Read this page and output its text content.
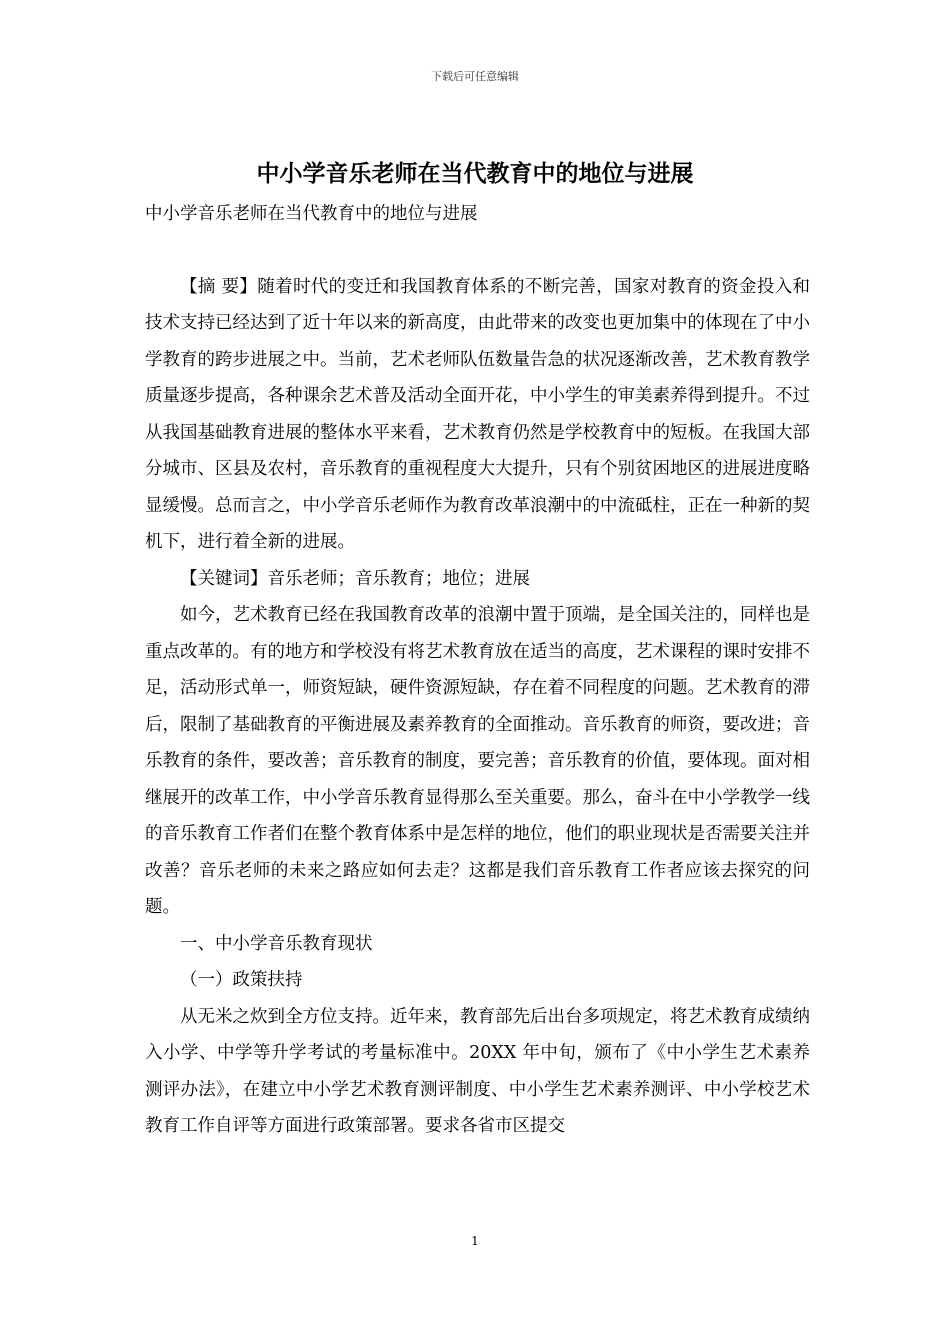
下载后可任意编辑
中小学音乐老师在当代教育中的地位与进展

中小学音乐老师在当代教育中的地位与进展

【摘 要】随着时代的变迁和我国教育体系的不断完善，国家对教育的资金投入和技术支持已经达到了近十年以来的新高度，由此带来的改变也更加集中的体现在了中小学教育的跨步进展之中。当前，艺术老师队伍数量告急的状况逐渐改善，艺术教育教学质量逐步提高，各种课余艺术普及活动全面开花，中小学生的审美素养得到提升。不过从我国基础教育进展的整体水平来看，艺术教育仍然是学校教育中的短板。在我国大部分城市、区县及农村，音乐教育的重视程度大大提升，只有个别贫困地区的进展进度略显缓慢。总而言之，中小学音乐老师作为教育改革浪潮中的中流砥柱，正在一种新的契机下，进行着全新的进展。

【关键词】音乐老师；音乐教育；地位；进展

如今，艺术教育已经在我国教育改革的浪潮中置于顶端，是全国关注的，同样也是重点改革的。有的地方和学校没有将艺术教育放在适当的高度，艺术课程的课时安排不足，活动形式单一，师资短缺，硬件资源短缺，存在着不同程度的问题。艺术教育的滞后，限制了基础教育的平衡进展及素养教育的全面推动。音乐教育的师资，要改进；音乐教育的条件，要改善；音乐教育的制度，要完善；音乐教育的价值，要体现。面对相继展开的改革工作，中小学音乐教育显得那么至关重要。那么，奋斗在中小学教学一线的音乐教育工作者们在整个教育体系中是怎样的地位，他们的职业现状是否需要关注并改善？音乐老师的未来之路应如何去走？这都是我们音乐教育工作者应该去探究的问题。

一、中小学音乐教育现状

（一）政策扶持

从无米之炊到全方位支持。近年来，教育部先后出台多项规定，将艺术教育成绩纳入小学、中学等升学考试的考量标准中。20XX 年中旬，颁布了《中小学生艺术素养测评办法》，在建立中小学艺术教育测评制度、中小学生艺术素养测评、中小学校艺术教育工作自评等方面进行政策部署。要求各省市区提交

1
